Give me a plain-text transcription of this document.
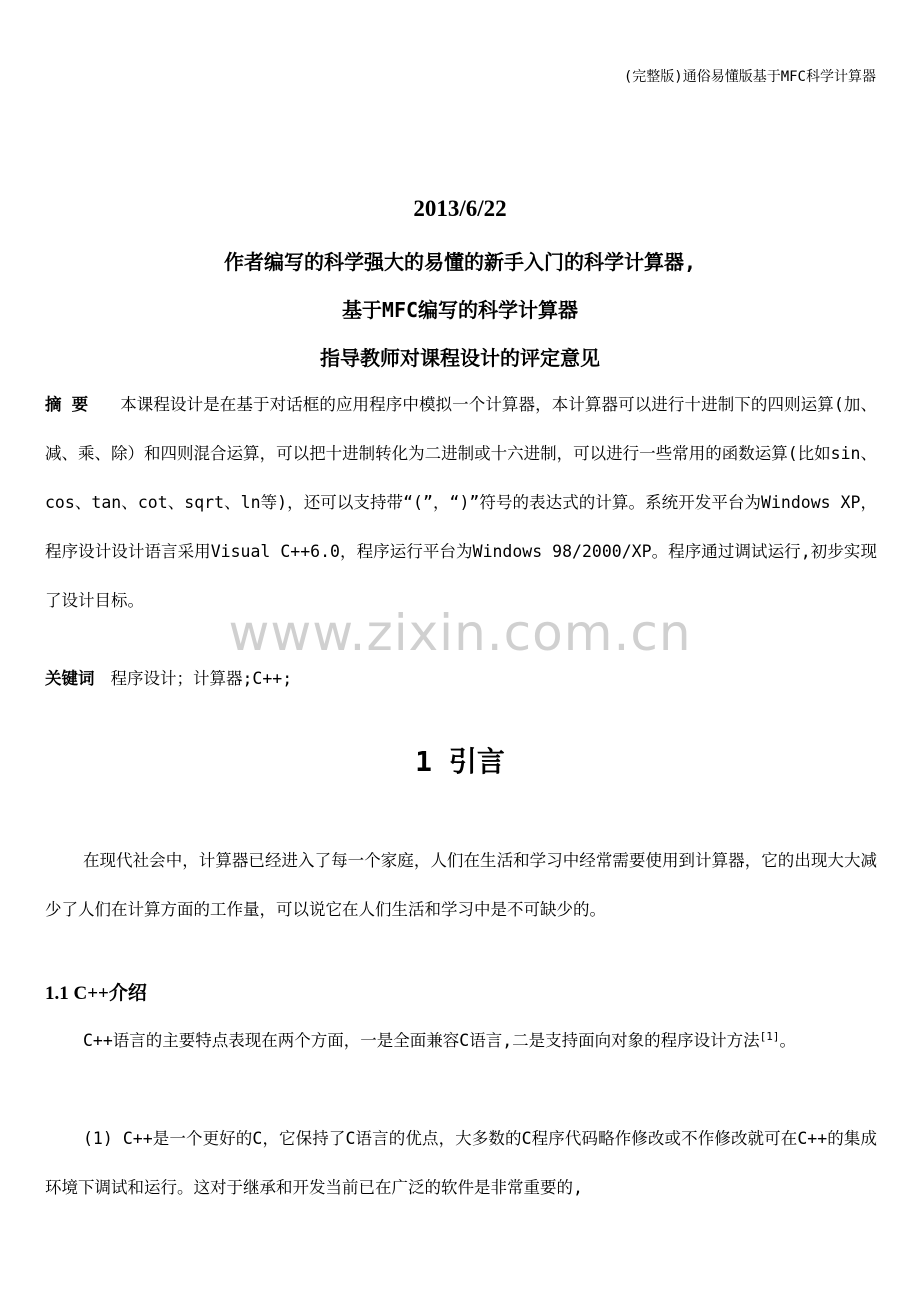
(完整版)通俗易懂版基于MFC科学计算器
2013/6/22
作者编写的科学强大的易懂的新手入门的科学计算器,
基于MFC编写的科学计算器
指导教师对课程设计的评定意见
摘要 本课程设计是在基于对话框的应用程序中模拟一个计算器，本计算器可以进行十进制下的四则运算(加、减、乘、除）和四则混合运算，可以把十进制转化为二进制或十六进制，可以进行一些常用的函数运算(比如sin、cos、tan、cot、sqrt、ln等)，还可以支持带“(”，“)”符号的表达式的计算。系统开发平台为Windows XP，程序设计设计语言采用Visual C++6.0，程序运行平台为Windows 98/2000/XP。程序通过调试运行,初步实现了设计目标。
www.zixin.com.cn
关键词 程序设计；计算器;C++;
1 引言
在现代社会中，计算器已经进入了每一个家庭，人们在生活和学习中经常需要使用到计算器，它的出现大大减少了人们在计算方面的工作量，可以说它在人们生活和学习中是不可缺少的。
1.1 C++介绍
C++语言的主要特点表现在两个方面，一是全面兼容C语言,二是支持面向对象的程序设计方法[1]。
(1) C++是一个更好的C，它保持了C语言的优点，大多数的C程序代码略作修改或不作修改就可在C++的集成环境下调试和运行。这对于继承和开发当前已在广泛的软件是非常重要的,
